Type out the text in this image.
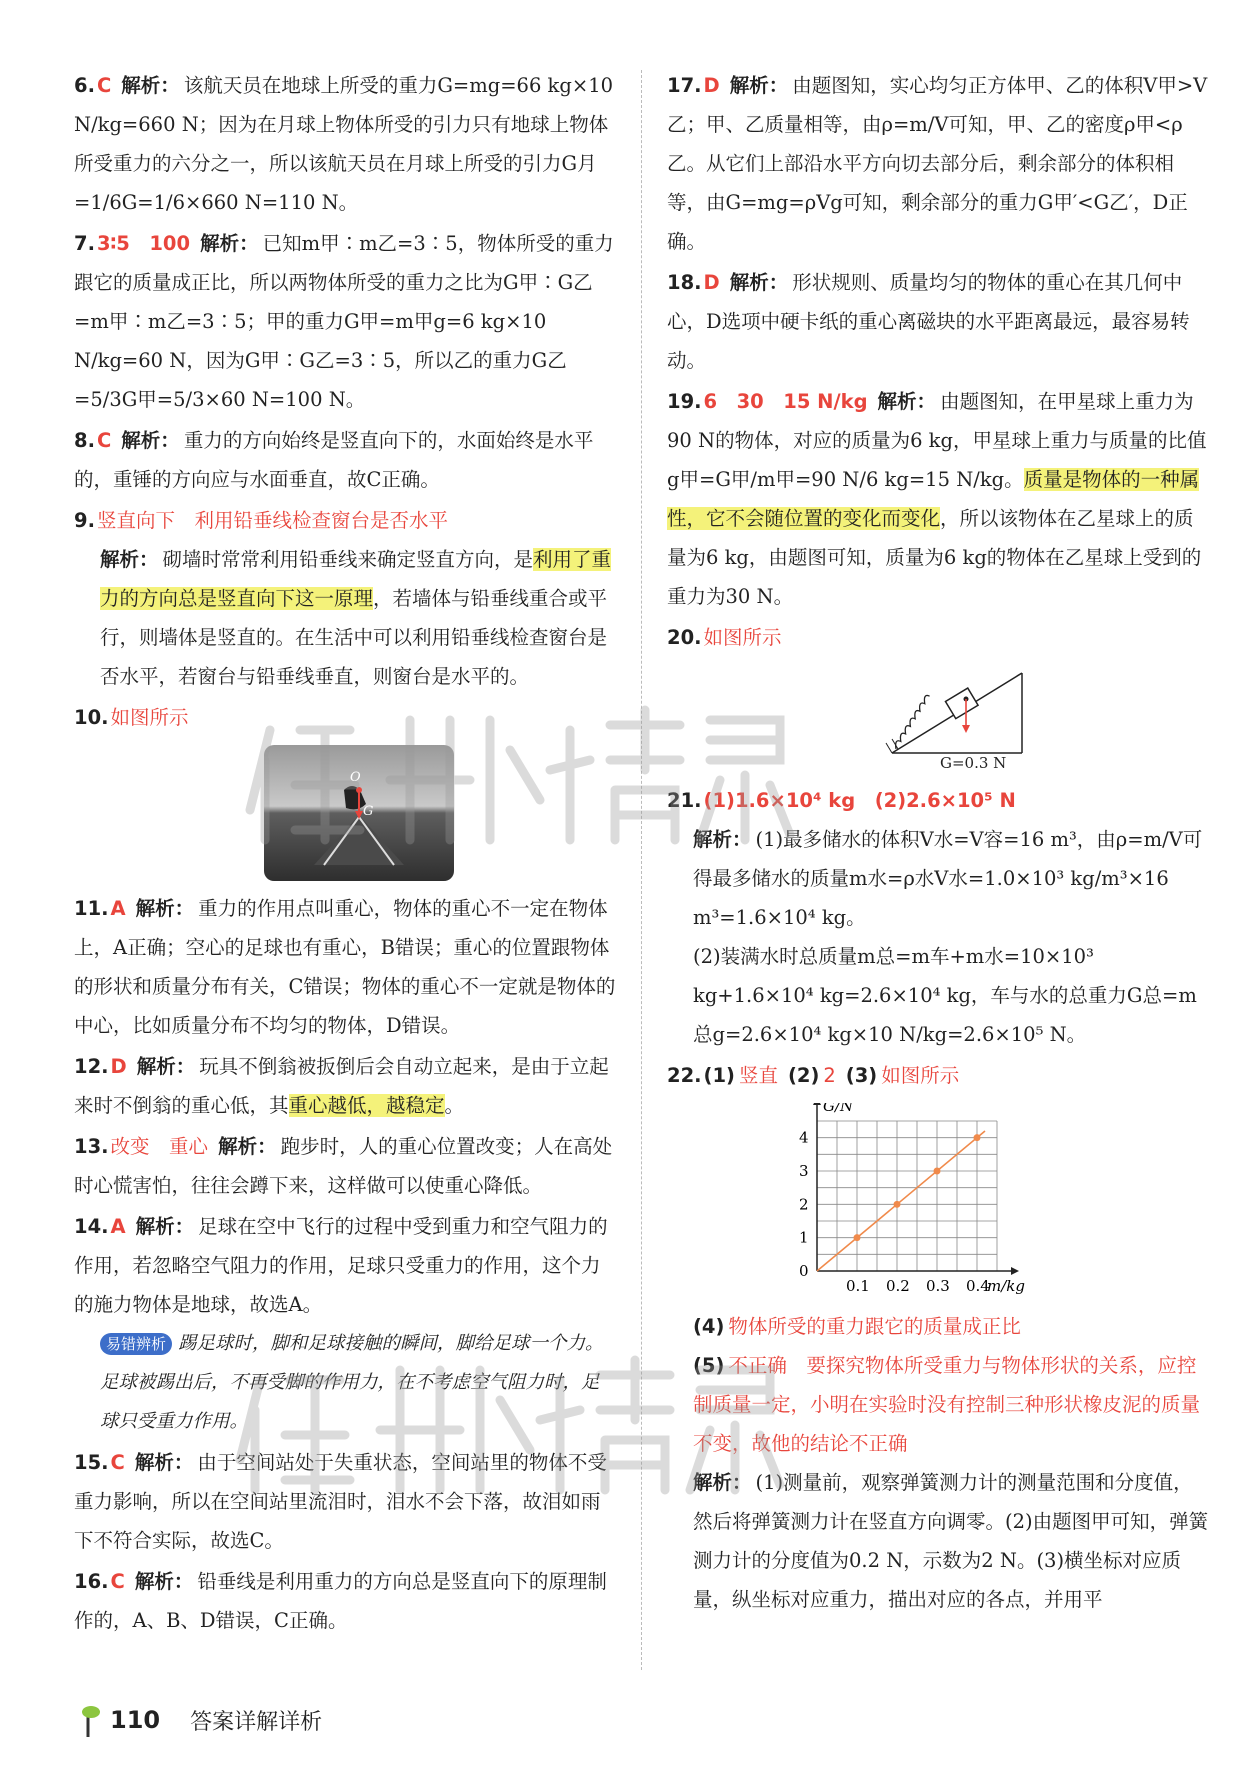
6. C 解析： 该航天员在地球上所受的重力G=mg=66 kg×10 N/kg=660 N；因为在月球上物体所受的引力只有地球上物体所受重力的六分之一，所以该航天员在月球上所受的引力G月=1/6G=1/6×660 N=110 N。
7. 3∶5　100 解析： 已知m甲∶m乙=3∶5，物体所受的重力跟它的质量成正比，所以两物体所受的重力之比为G甲∶G乙=m甲∶m乙=3∶5；甲的重力G甲=m甲g=6 kg×10 N/kg=60 N，因为G甲∶G乙=3∶5，所以乙的重力G乙=5/3G甲=5/3×60 N=100 N。
8. C 解析： 重力的方向始终是竖直向下的，水面始终是水平的，重锤的方向应与水面垂直，故C正确。
9. 竖直向下　利用铅垂线检查窗台是否水平
解析： 砌墙时常常利用铅垂线来确定竖直方向，是利用了重力的方向总是竖直向下这一原理，若墙体与铅垂线重合或平行，则墙体是竖直的。在生活中可以利用铅垂线检查窗台是否水平，若窗台与铅垂线垂直，则窗台是水平的。
10. 如图所示
O
G
11. A 解析： 重力的作用点叫重心，物体的重心不一定在物体上，A正确；空心的足球也有重心，B错误；重心的位置跟物体的形状和质量分布有关，C错误；物体的重心不一定就是物体的中心，比如质量分布不均匀的物体，D错误。
12. D 解析： 玩具不倒翁被扳倒后会自动立起来，是由于立起来时不倒翁的重心低，其重心越低，越稳定。
13. 改变　重心 解析： 跑步时，人的重心位置改变；人在高处时心慌害怕，往往会蹲下来，这样做可以使重心降低。
14. A 解析： 足球在空中飞行的过程中受到重力和空气阻力的作用，若忽略空气阻力的作用，足球只受重力的作用，这个力的施力物体是地球，故选A。
易错辨析 踢足球时，脚和足球接触的瞬间，脚给足球一个力。足球被踢出后，不再受脚的作用力，在不考虑空气阻力时，足球只受重力作用。
15. C 解析： 由于空间站处于失重状态，空间站里的物体不受重力影响，所以在空间站里流泪时，泪水不会下落，故泪如雨下不符合实际，故选C。
16. C 解析： 铅垂线是利用重力的方向总是竖直向下的原理制作的，A、B、D错误，C正确。
17. D 解析： 由题图知，实心均匀正方体甲、乙的体积V甲>V乙；甲、乙质量相等，由ρ=m/V可知，甲、乙的密度ρ甲<ρ乙。从它们上部沿水平方向切去部分后，剩余部分的体积相等，由G=mg=ρVg可知，剩余部分的重力G甲′<G乙′，D正确。
18. D 解析： 形状规则、质量均匀的物体的重心在其几何中心，D选项中硬卡纸的重心离磁块的水平距离最远，最容易转动。
19. 6　30　15 N/kg 解析： 由题图知，在甲星球上重力为90 N的物体，对应的质量为6 kg，甲星球上重力与质量的比值g甲=G甲/m甲=90 N/6 kg=15 N/kg。质量是物体的一种属性，它不会随位置的变化而变化，所以该物体在乙星球上的质量为6 kg，由题图可知，质量为6 kg的物体在乙星球上受到的重力为30 N。
20. 如图所示
G=0.3 N
21. (1)1.6×10⁴ kg　(2)2.6×10⁵ N
解析： (1)最多储水的体积V水=V容=16 m³，由ρ=m/V可得最多储水的质量m水=ρ水V水=1.0×10³ kg/m³×16 m³=1.6×10⁴ kg。
(2)装满水时总质量m总=m车+m水=10×10³ kg+1.6×10⁴ kg=2.6×10⁴ kg，车与水的总重力G总=m总g=2.6×10⁴ kg×10 N/kg=2.6×10⁵ N。
22. (1) 竖直 (2) 2 (3) 如图所示
0.1 0.2 0.3 0.4
0
1
2
3
4
m/kg
G/N
(4) 物体所受的重力跟它的质量成正比
(5) 不正确　要探究物体所受重力与物体形状的关系，应控制质量一定，小明在实验时没有控制三种形状橡皮泥的质量不变，故他的结论不正确
解析： (1)测量前，观察弹簧测力计的测量范围和分度值，然后将弹簧测力计在竖直方向调零。(2)由题图甲可知，弹簧测力计的分度值为0.2 N，示数为2 N。(3)横坐标对应质量，纵坐标对应重力，描出对应的各点，并用平
110 答案详解详析
